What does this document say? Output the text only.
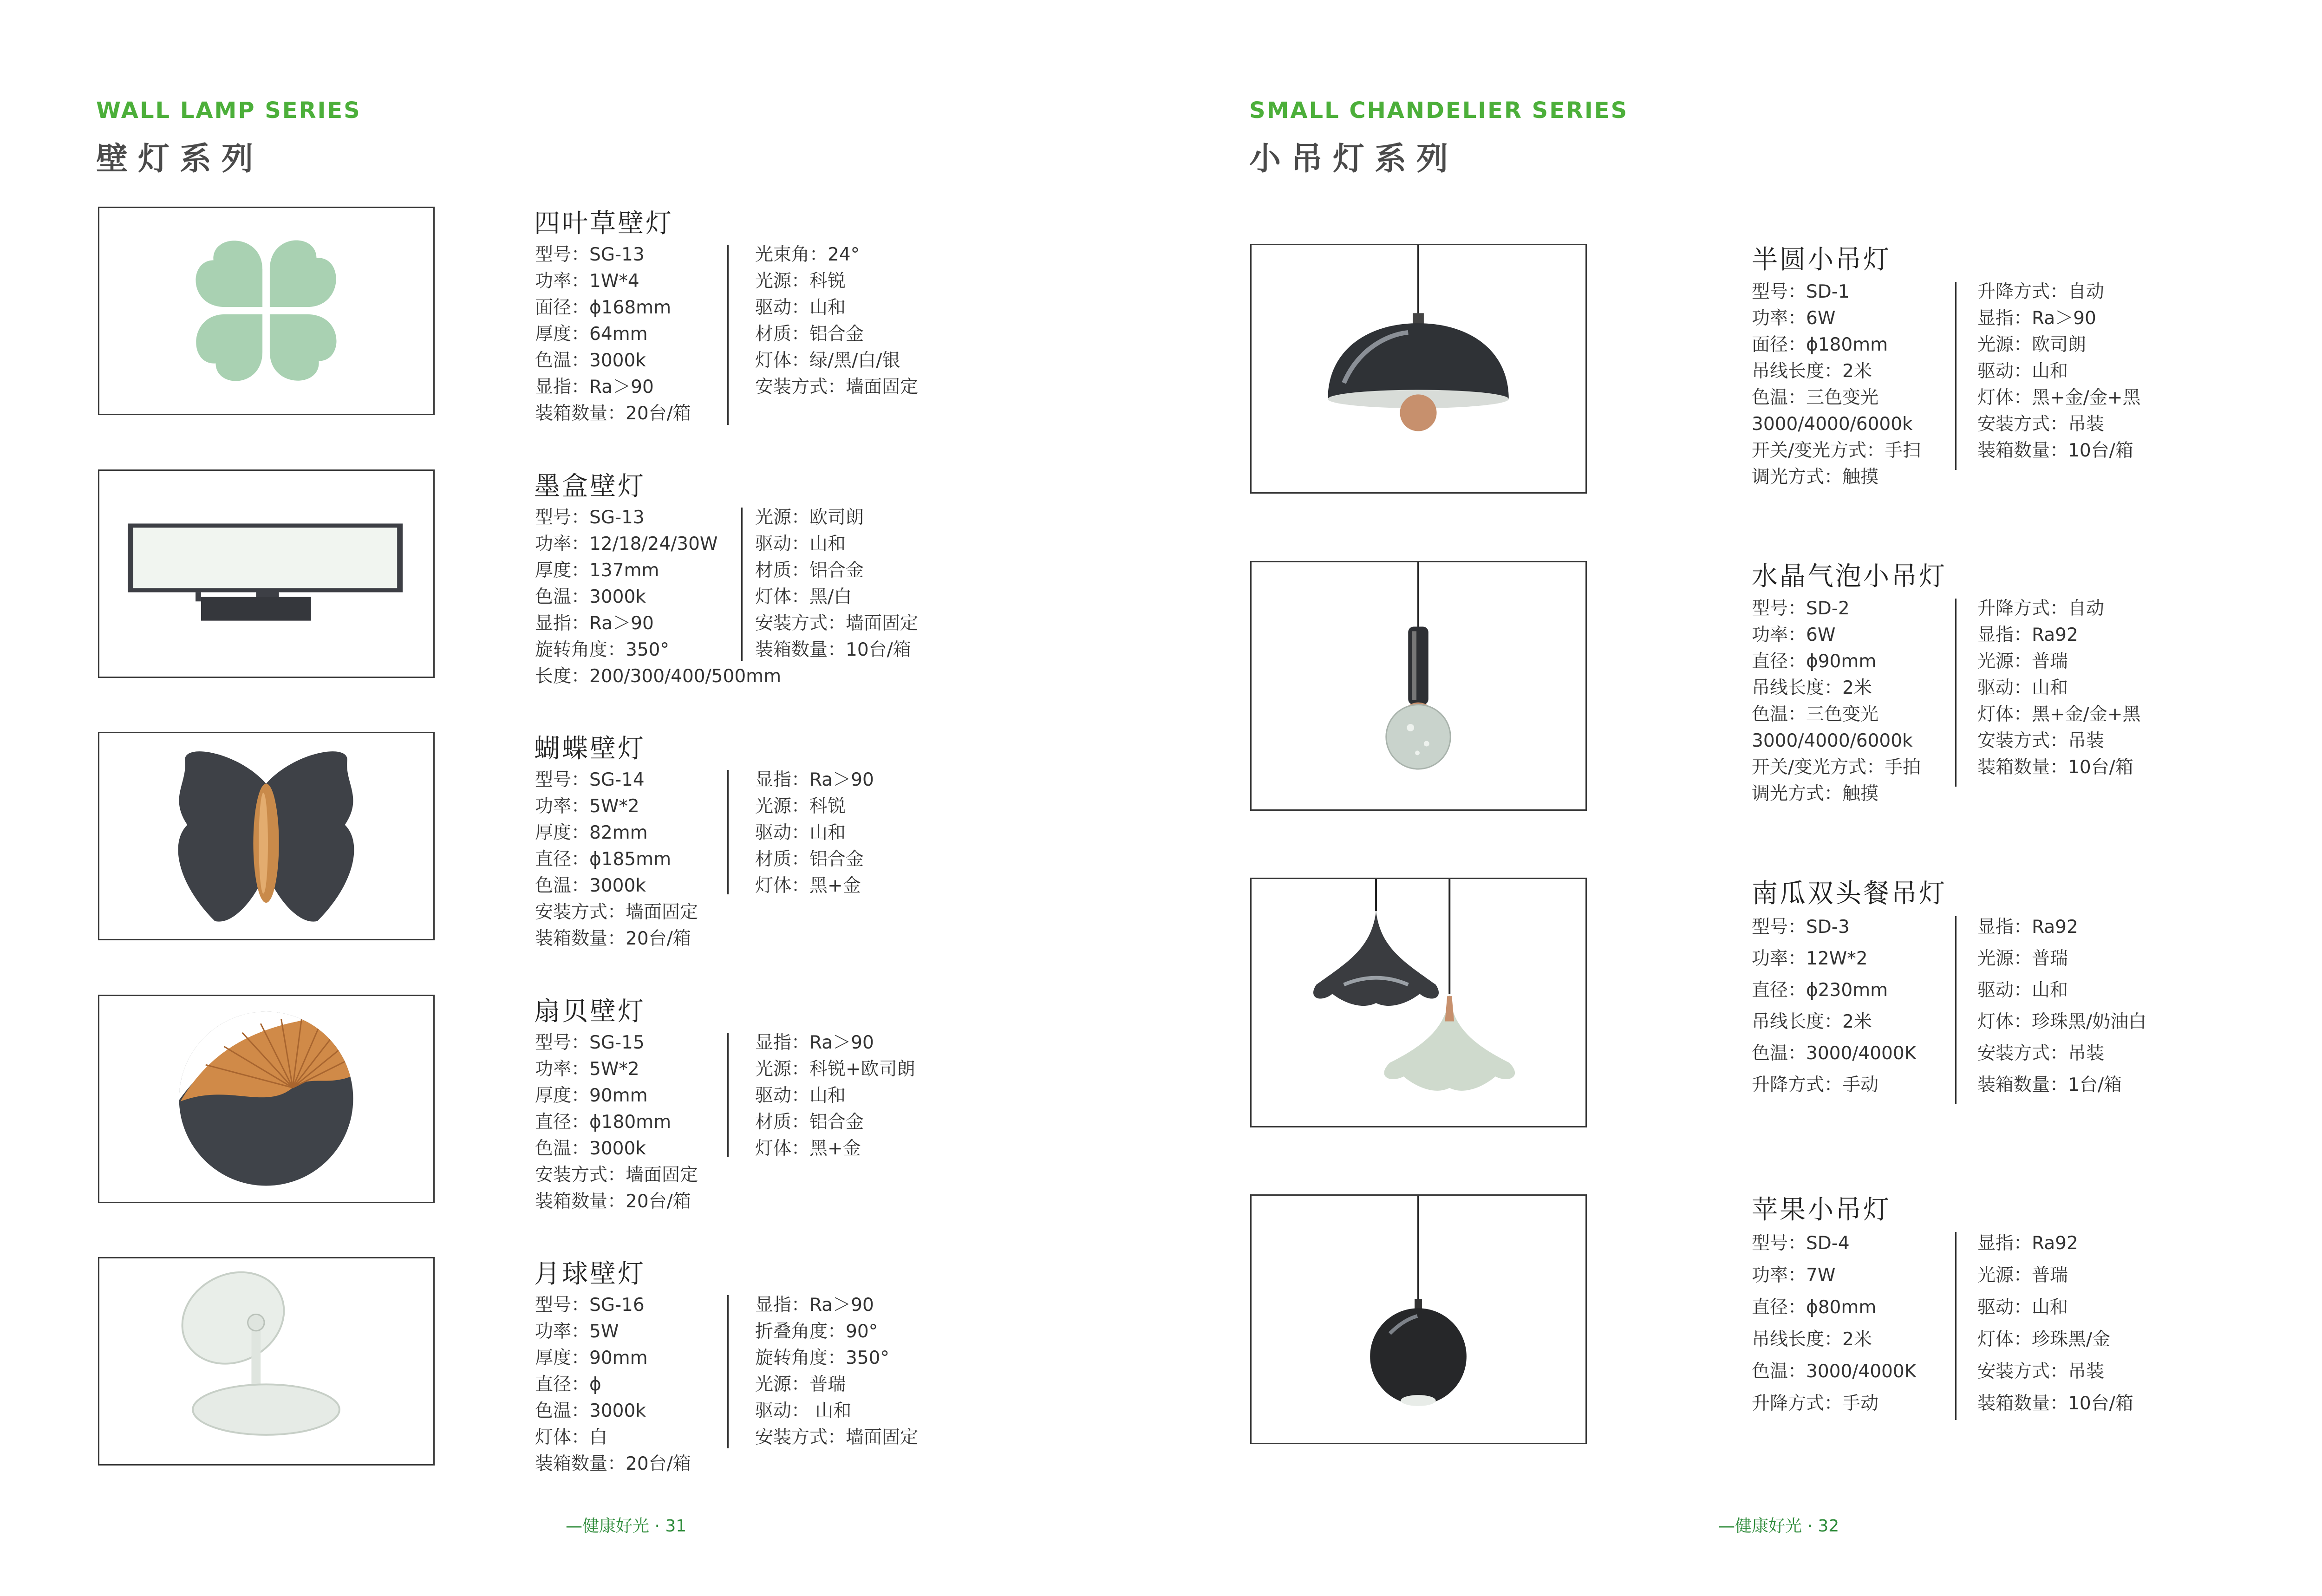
WALL LAMP SERIES
壁灯系列
四叶草壁灯
型号：SG-13
功率：1W*4
面径：ϕ168mm
厚度：64mm
色温：3000k
显指：Ra＞90
装箱数量：20台/箱
光束角：24°
光源：科锐
驱动：山和
材质：铝合金
灯体：绿/黑/白/银
安装方式：墙面固定
墨盒壁灯
型号：SG-13
功率：12/18/24/30W
厚度：137mm
色温：3000k
显指：Ra＞90
旋转角度：350°
长度：200/300/400/500mm
光源：欧司朗
驱动：山和
材质：铝合金
灯体：黑/白
安装方式：墙面固定
装箱数量：10台/箱
蝴蝶壁灯
型号：SG-14
功率：5W*2
厚度：82mm
直径：ϕ185mm
色温：3000k
安装方式：墙面固定
装箱数量：20台/箱
显指：Ra＞90
光源：科锐
驱动：山和
材质：铝合金
灯体：黑+金
扇贝壁灯
型号：SG-15
功率：5W*2
厚度：90mm
直径：ϕ180mm
色温：3000k
安装方式：墙面固定
装箱数量：20台/箱
显指：Ra＞90
光源：科锐+欧司朗
驱动：山和
材质：铝合金
灯体：黑+金
月球壁灯
型号：SG-16
功率：5W
厚度：90mm
直径：ϕ
色温：3000k
灯体：白
装箱数量：20台/箱
显指：Ra＞90
折叠角度：90°
旋转角度：350°
光源：普瑞
驱动： 山和
安装方式：墙面固定
—健康好光 · 31
SMALL CHANDELIER SERIES
小吊灯系列
半圆小吊灯
型号：SD-1
功率：6W
面径：ϕ180mm
吊线长度：2米
色温：三色变光
3000/4000/6000k
开关/变光方式：手扫
调光方式：触摸
升降方式：自动
显指：Ra＞90
光源：欧司朗
驱动：山和
灯体：黑+金/金+黑
安装方式：吊装
装箱数量：10台/箱
水晶气泡小吊灯
型号：SD-2
功率：6W
直径：ϕ90mm
吊线长度：2米
色温：三色变光
3000/4000/6000k
开关/变光方式：手拍
调光方式：触摸
升降方式：自动
显指：Ra92
光源：普瑞
驱动：山和
灯体：黑+金/金+黑
安装方式：吊装
装箱数量：10台/箱
南瓜双头餐吊灯
型号：SD-3
功率：12W*2
直径：ϕ230mm
吊线长度：2米
色温：3000/4000K
升降方式：手动
显指：Ra92
光源：普瑞
驱动：山和
灯体：珍珠黑/奶油白
安装方式：吊装
装箱数量：1台/箱
苹果小吊灯
型号：SD-4
功率：7W
直径：ϕ80mm
吊线长度：2米
色温：3000/4000K
升降方式：手动
显指：Ra92
光源：普瑞
驱动：山和
灯体：珍珠黑/金
安装方式：吊装
装箱数量：10台/箱
—健康好光 · 32
